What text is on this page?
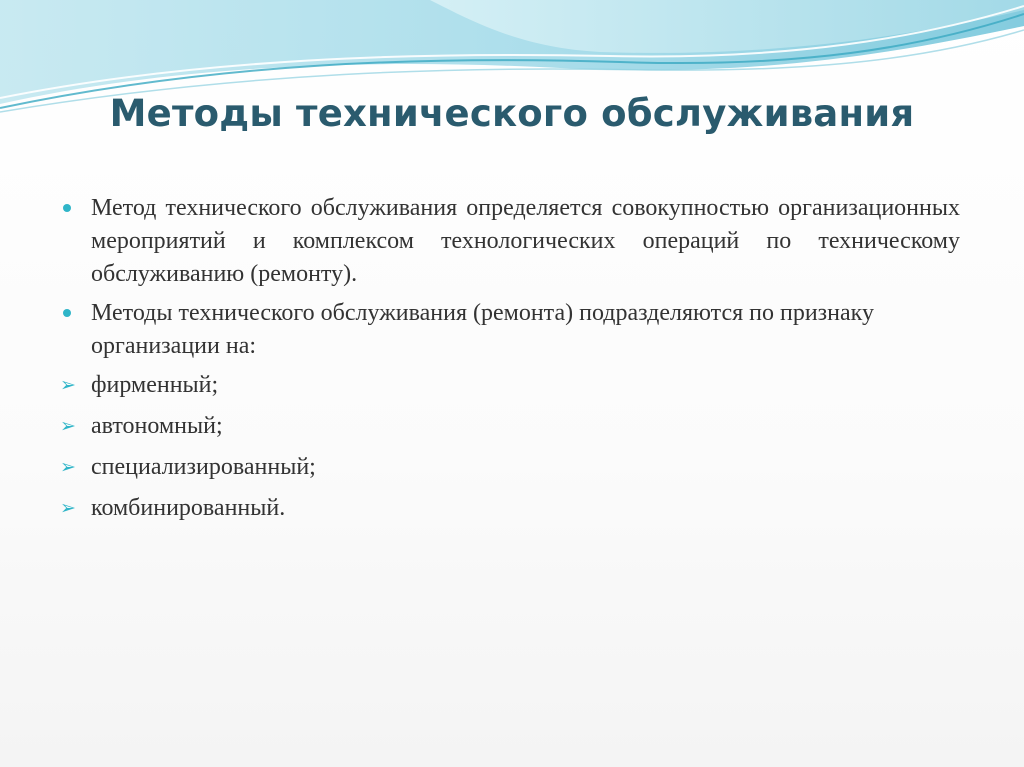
Методы технического обслуживания
Метод технического обслуживания определяется совокупностью организационных мероприятий и комплексом технологических операций по техническому обслуживанию (ремонту).
Методы технического обслуживания (ремонта) подразделяются по признаку организации на:
➢ фирменный;
➢ автономный;
➢ специализированный;
➢ комбинированный.
